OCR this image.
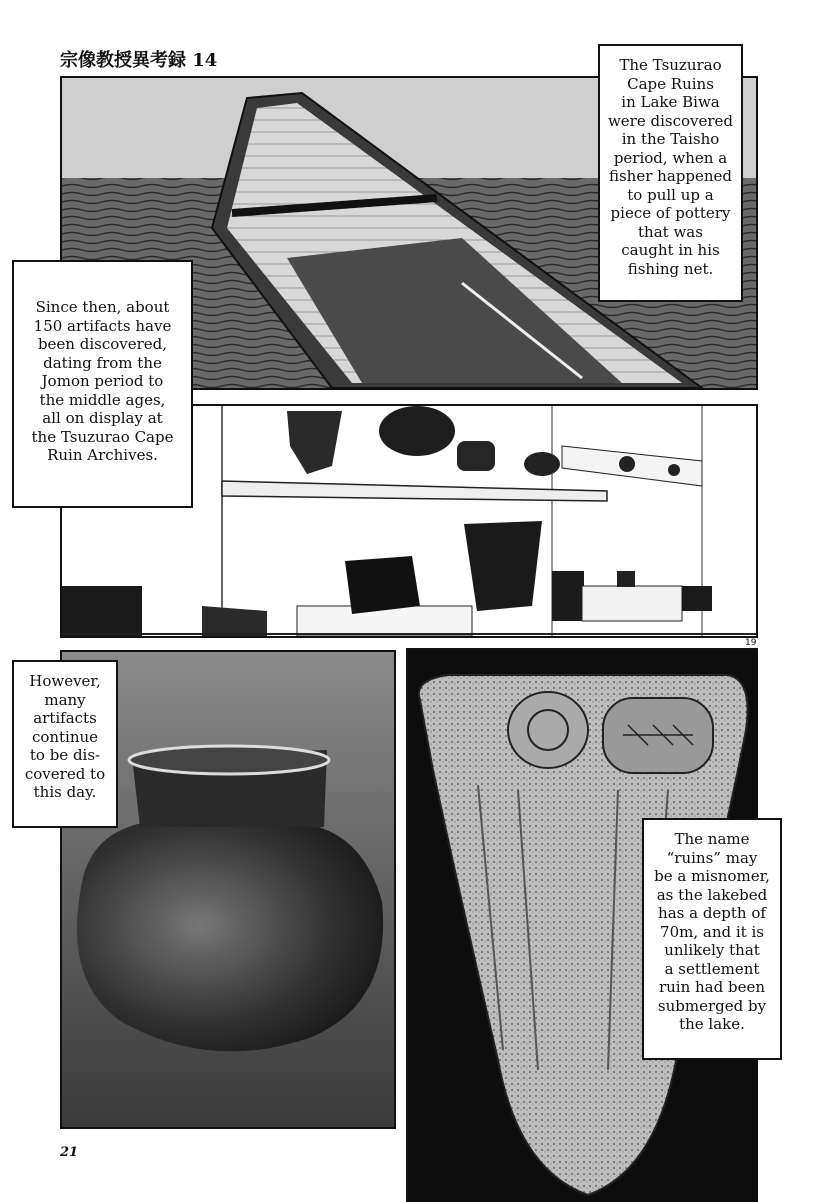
宗像教授異考録 14	The Tsuzurao
Cape Ruins
in Lake Biwa
were discovered
in the Taisho
period, when a
fisher happened
to pull up a
piece of pottery
that was
caught in his
fishing net.
Since then, about
150 artifacts have
been discovered,
dating from the
Jomon period to
the middle ages,
all on display at
the Tsuzurao Cape
Ruin Archives.
However,
many
artifacts
continue
to be dis-
covered to
this day.
The name
“ruins” may
be a misnomer,
as the lakebed
has a depth of
70m, and it is
unlikely that
a settlement
ruin had been
submerged by
the lake.
19
21
